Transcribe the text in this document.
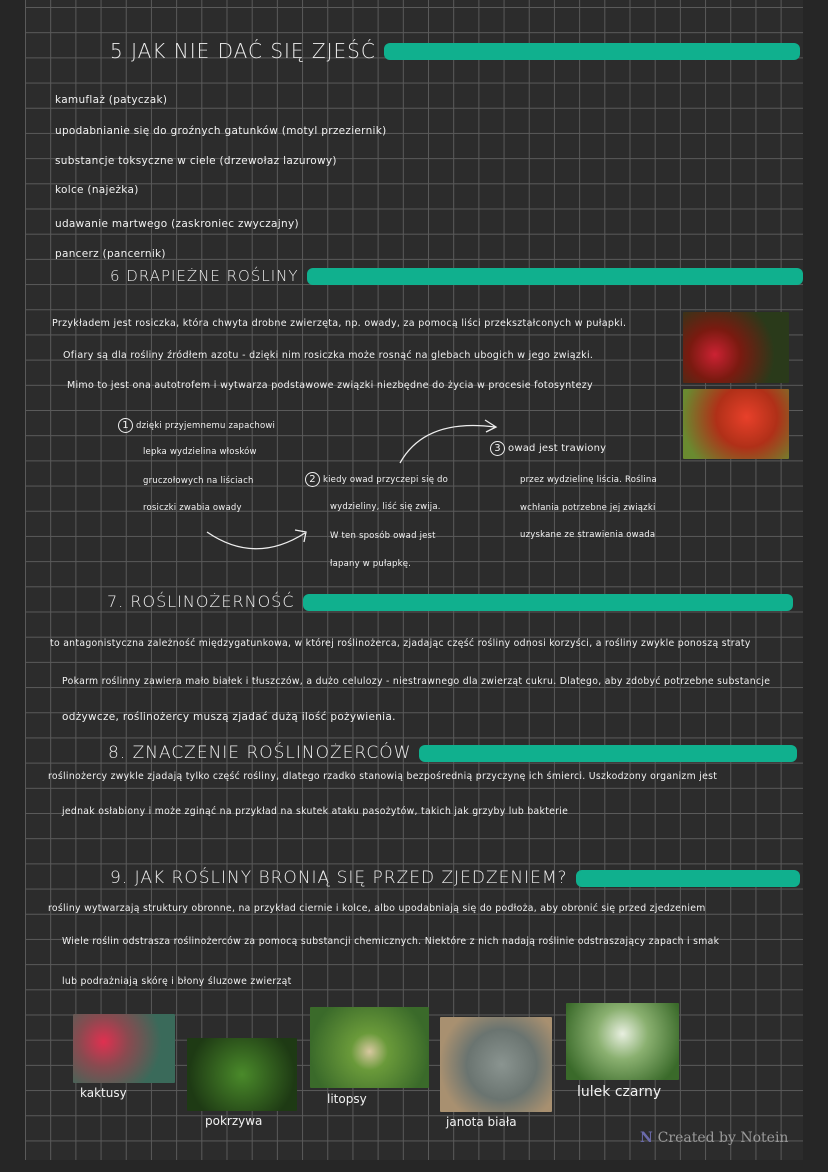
5 JAK NIE DAĆ SIĘ ZJEŚĆ
kamuflaż (patyczak)
upodabnianie się do groźnych gatunków (motyl przeziernik)
substancje toksyczne w ciele (drzewołaz lazurowy)
kolce (najeżka)
udawanie martwego (zaskroniec zwyczajny)
pancerz (pancernik)
6 DRAPIEŻNE ROŚLINY
Przykładem jest rosiczka, która chwyta drobne zwierzęta, np. owady, za pomocą liści przekształconych w pułapki.
Ofiary są dla rośliny źródłem azotu - dzięki nim rosiczka może rosnąć na glebach ubogich w jego związki.
Mimo to jest ona autotrofem i wytwarza podstawowe związki niezbędne do życia w procesie fotosyntezy
1 dzięki przyjemnemu zapachowi
lepka wydzielina włosków
gruczołowych na liściach
rosiczki zwabia owady
2 kiedy owad przyczepi się do
wydzieliny, liść się zwija.
W ten sposób owad jest
łapany w pułapkę.
3 owad jest trawiony
przez wydzielinę liścia. Roślina
wchłania potrzebne jej związki
uzyskane ze strawienia owada
7. ROŚLINOŻERNOŚĆ
to antagonistyczna zależność międzygatunkowa, w której roślinożerca, zjadając część rośliny odnosi korzyści, a rośliny zwykle ponoszą straty
Pokarm roślinny zawiera mało białek i tłuszczów, a dużo celulozy - niestrawnego dla zwierząt cukru. Dlatego, aby zdobyć potrzebne substancje
odżywcze, roślinożercy muszą zjadać dużą ilość pożywienia.
8. ZNACZENIE ROŚLINOŻERCÓW
roślinożercy zwykle zjadają tylko część rośliny, dlatego rzadko stanowią bezpośrednią przyczynę ich śmierci. Uszkodzony organizm jest
jednak osłabiony i może zginąć na przykład na skutek ataku pasożytów, takich jak grzyby lub bakterie
9. JAK ROŚLINY BRONIĄ SIĘ PRZED ZJEDZENIEM?
rośliny wytwarzają struktury obronne, na przykład ciernie i kolce, albo upodabniają się do podłoża, aby obronić się przed zjedzeniem
Wiele roślin odstrasza roślinożerców za pomocą substancji chemicznych. Niektóre z nich nadają roślinie odstraszający zapach i smak
lub podrażniają skórę i błony śluzowe zwierząt
kaktusy
pokrzywa
litopsy
janota biała
lulek czarny
N Created by Notein
